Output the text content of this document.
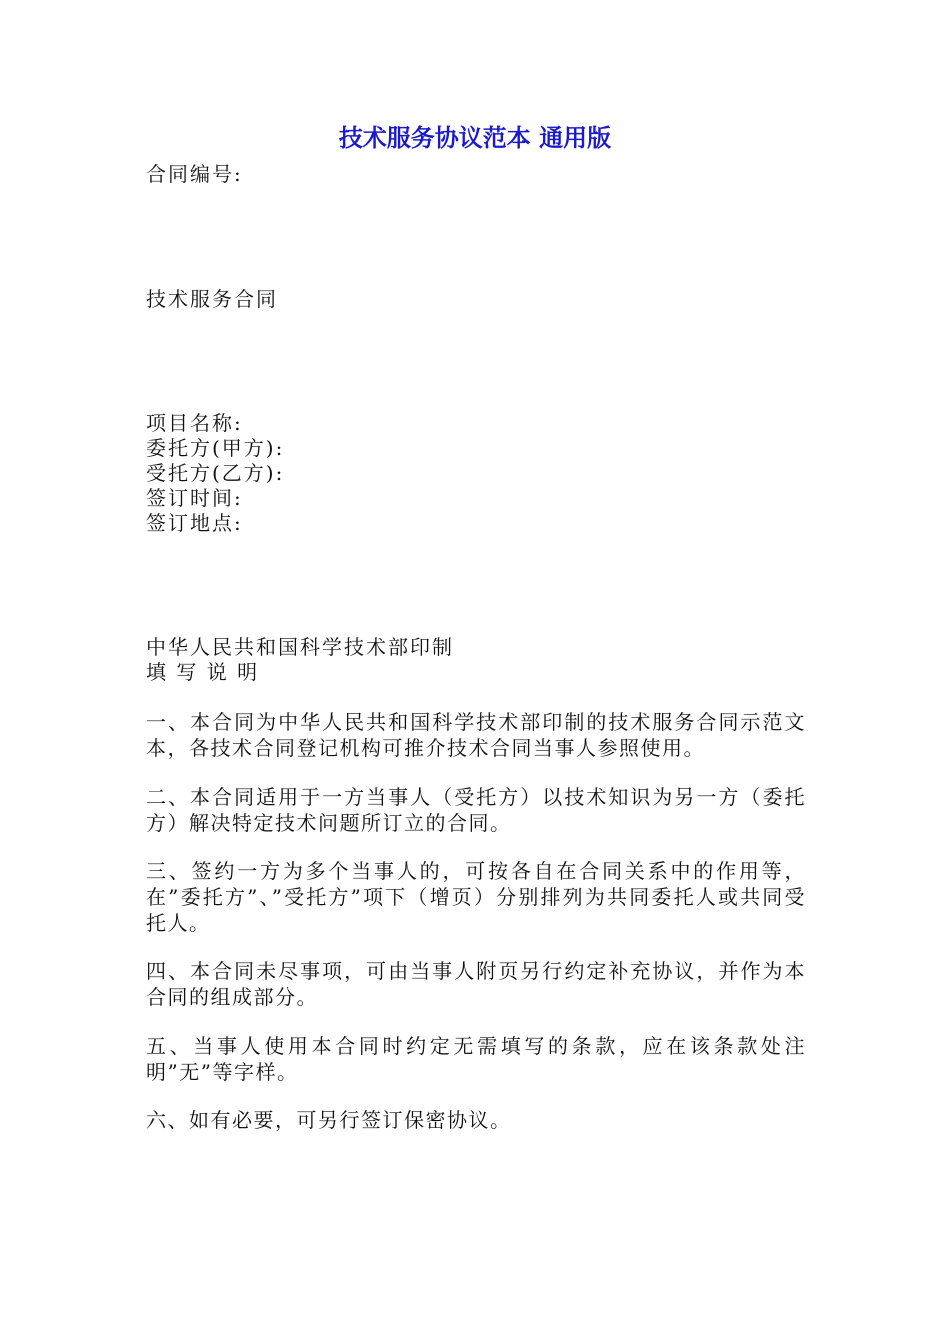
技术服务协议范本 通用版
合同编号:
技术服务合同
项目名称:
委托方(甲方):
受托方(乙方):
签订时间:
签订地点:
中华人民共和国科学技术部印制
填 写 说 明
一、本合同为中华人民共和国科学技术部印制的技术服务合同示范文本，各技术合同登记机构可推介技术合同当事人参照使用。
二、本合同适用于一方当事人（受托方）以技术知识为另一方（委托方）解决特定技术问题所订立的合同。
三、签约一方为多个当事人的，可按各自在合同关系中的作用等，在”委托方”、”受托方”项下（增页）分别排列为共同委托人或共同受托人。
四、本合同未尽事项，可由当事人附页另行约定补充协议，并作为本合同的组成部分。
五、当事人使用本合同时约定无需填写的条款，应在该条款处注明”无”等字样。
六、如有必要，可另行签订保密协议。
